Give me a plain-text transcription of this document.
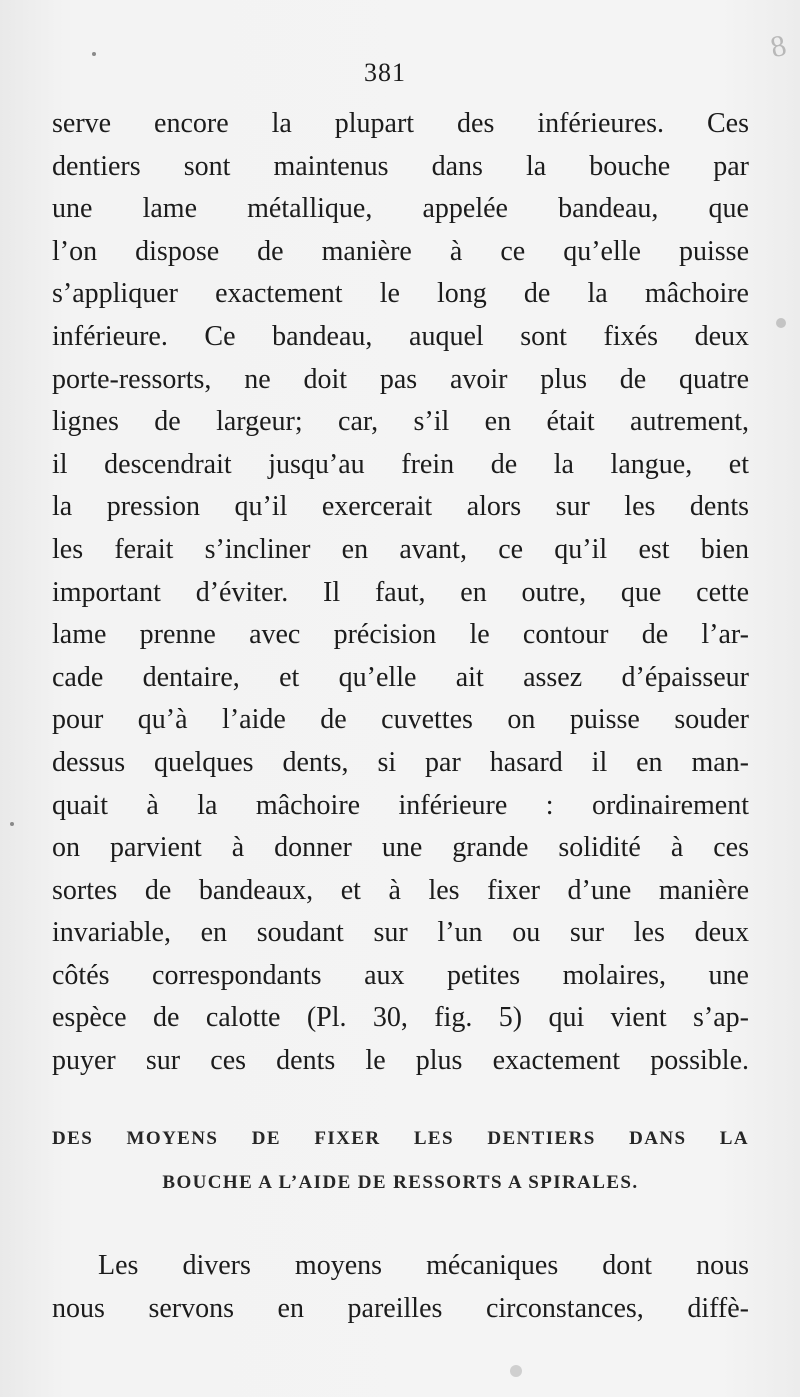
8
381
serve encore la plupart des inférieures. Ces
dentiers sont maintenus dans la bouche par
une lame métallique, appelée bandeau, que
l’on dispose de manière à ce qu’elle puisse
s’appliquer exactement le long de la mâchoire
inférieure. Ce bandeau, auquel sont fixés deux
porte-ressorts, ne doit pas avoir plus de quatre
lignes de largeur; car, s’il en était autrement,
il descendrait jusqu’au frein de la langue, et
la pression qu’il exercerait alors sur les dents
les ferait s’incliner en avant, ce qu’il est bien
important d’éviter. Il faut, en outre, que cette
lame prenne avec précision le contour de l’ar-
cade dentaire, et qu’elle ait assez d’épaisseur
pour qu’à l’aide de cuvettes on puisse souder
dessus quelques dents, si par hasard il en man-
quait à la mâchoire inférieure : ordinairement
on parvient à donner une grande solidité à ces
sortes de bandeaux, et à les fixer d’une manière
invariable, en soudant sur l’un ou sur les deux
côtés correspondants aux petites molaires, une
espèce de calotte (Pl. 30, fig. 5) qui vient s’ap-
puyer sur ces dents le plus exactement possible.
DES MOYENS DE FIXER LES DENTIERS DANS LA
BOUCHE A L’AIDE DE RESSORTS A SPIRALES.
Les divers moyens mécaniques dont nous
nous servons en pareilles circonstances, diffè-
